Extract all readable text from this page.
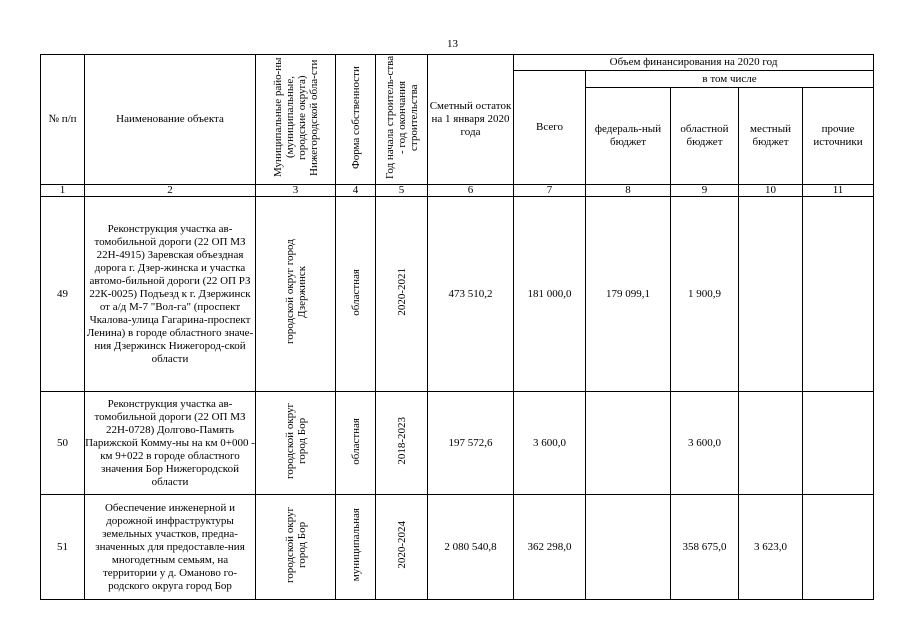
13
№ п/п	Наименование объекта	Муниципальные райо-ны (муниципальные, городские округа) Нижегородской обла-сти	Форма собственности	Год начала строитель-ства - год окончания строительства	Сметный остаток на 1 января 2020 года	Объем финансирования на 2020 год				
						Всего	в том числе			
							федераль-ный бюджет	областной бюджет	местный бюджет	прочие источники
1	2	3	4	5	6	7	8	9	10	11
49	Реконструкция участка ав-томобильной дороги (22 ОП МЗ 22Н-4915) Заревская объездная дорога г. Дзер-жинска и участка автомо-бильной дороги (22 ОП РЗ 22К-0025) Подъезд к г. Дзержинск от а/д М-7 "Вол-га" (проспект Чкалова-улица Гагарина-проспект Ленина) в городе областного значе-ния Дзержинск Нижегород-ской области	городской округ город Дзержинск	областная	2020-2021	473 510,2	181 000,0	179 099,1	1 900,9		
50	Реконструкция участка ав-томобильной дороги (22 ОП МЗ 22Н-0728) Долгово-Память Парижской Комму-ны на км 0+000 - км 9+022 в городе областного значения Бор Нижегородской области	городской округ город Бор	областная	2018-2023	197 572,6	3 600,0		3 600,0		
51	Обеспечение инженерной и дорожной инфраструктуры земельных участков, предна-значенных для предоставле-ния многодетным семьям, на территории у д. Оманово го-родского округа город Бор	городской округ город Бор	муниципальная	2020-2024	2 080 540,8	362 298,0		358 675,0	3 623,0	
